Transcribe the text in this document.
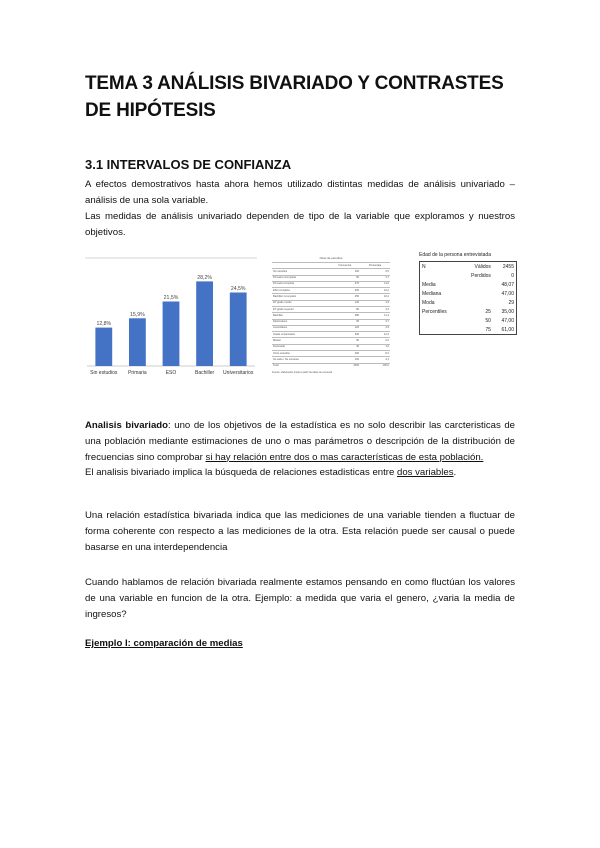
TEMA 3 ANÁLISIS BIVARIADO Y CONTRASTES DE HIPÓTESIS
3.1 INTERVALOS DE CONFIANZA
A efectos demostrativos hasta ahora hemos utilizado distintas medidas de análisis univariado – análisis de una sola variable.
Las medidas de análisis univariado dependen de tipo de la variable que exploramos y nuestros objetivos.
12,8%
Sin estudios
15,9%
Primaria
21,5%
ESO
28,2%
Bachiller
24,5%
Universitarios
Nivel de estudios
	Frecuencia	Porcentaje
Sin estudios	160	6,5
Primaria incompleta	90	3,7
Primaria completa	270	11,0
ESO completa	300	12,2
Bachiller incompleto	250	10,2
FP grado medio	120	4,9
FP grado superior	80	3,3
Bachiller	280	11,4
Diplomatura	90	3,7
Licenciatura	120	4,9
Grado universitario	300	12,2
Máster	50	2,0
Doctorado	40	1,6
Otros estudios	200	8,2
No sabe / No contesta	100	4,1
Total	2450	100,0
Fuente: elaboración propia a partir de datos de encuesta
Edad de la persona entrevistada
N	Válidos	2455
	Perdidos	0
Media		48,07
Mediana		47,00
Moda		29
Percentiles	25	35,00
	50	47,00
	75	61,00
Analisis bivariado: uno de los objetivos de la estadística es no solo describir las carcteristicas de una población mediante estimaciones de uno o mas parámetros o descripción de la distribución de frecuencias sino comprobar si hay relación entre dos o mas características de esta población.
El analisis bivariado implica la búsqueda de relaciones estadisticas entre dos variables.
Una relación estadística bivariada indica que las mediciones de una variable tienden a fluctuar de forma coherente con respecto a las mediciones de la otra. Esta relación puede ser causal o puede basarse en una interdependencia
Cuando hablamos de relación bivariada realmente estamos pensando en como fluctúan los valores de una variable en funcion de la otra. Ejemplo: a medida que varia el genero, ¿varia la media de ingresos?
Ejemplo I: comparación de medias
